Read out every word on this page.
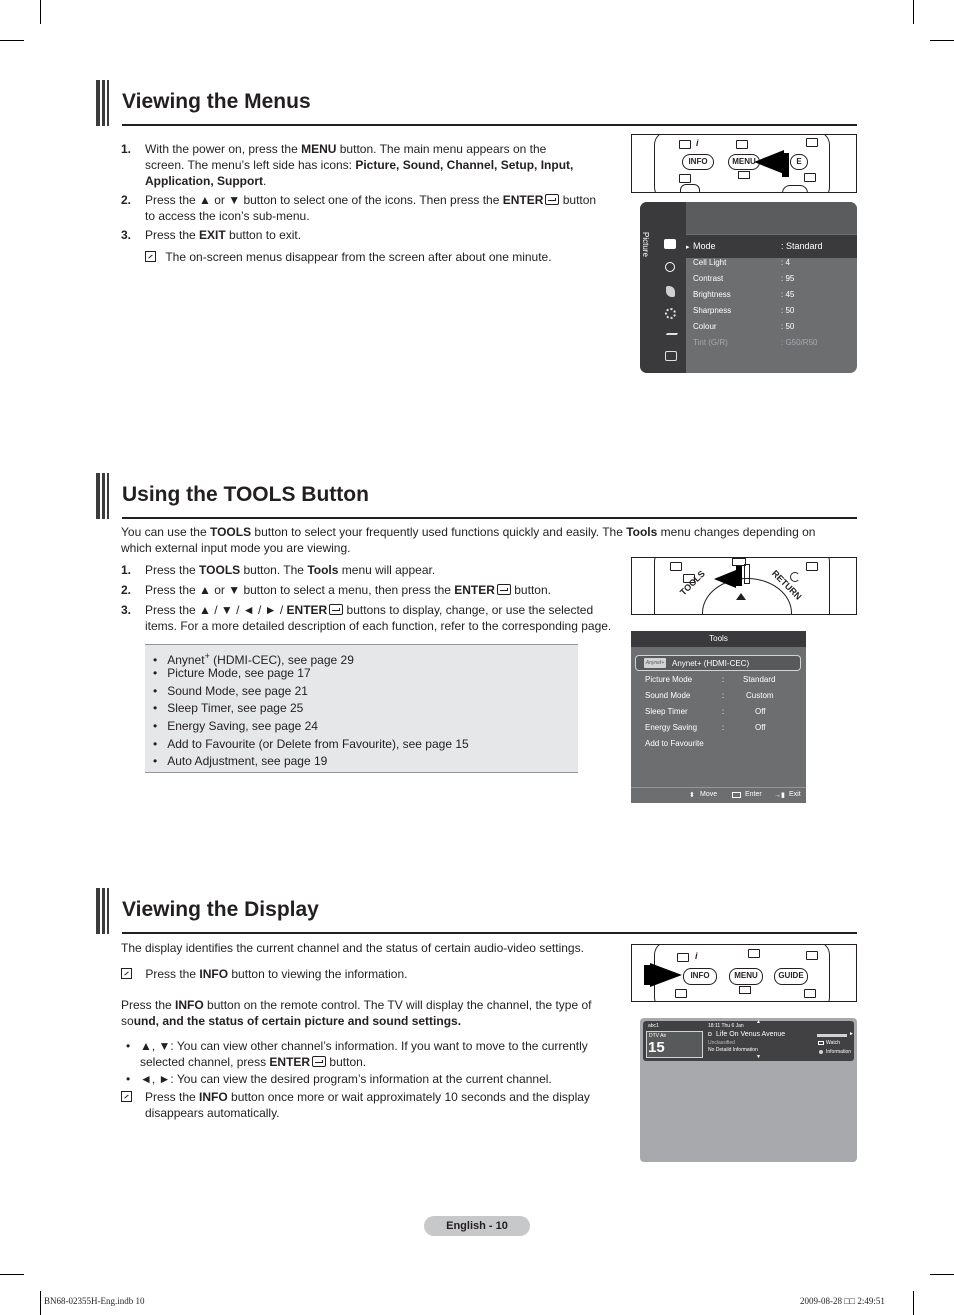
Viewing the Menus
1. With the power on, press the MENU button. The main menu appears on the
screen. The menu’s left side has icons: Picture, Sound, Channel, Setup, Input,
Application, Support.
2. Press the ▲ or ▼ button to select one of the icons. Then press the ENTER button
to access the icon’s sub-menu.
3. Press the EXIT button to exit.
The on-screen menus disappear from the screen after about one minute.
i
INFO	MENU	E
Picture	▸ Mode	: Standard
Cell Light	: 4
Contrast	: 95
Brightness	: 45
Sharpness	: 50
Colour	: 50
Tint (G/R)	: G50/R50
Using the TOOLS Button
You can use the TOOLS button to select your frequently used functions quickly and easily. The Tools menu changes depending on
which external input mode you are viewing.
1. Press the TOOLS button. The Tools menu will appear.
2. Press the ▲ or ▼ button to select a menu, then press the ENTER button.
3. Press the ▲ / ▼ / ◄ / ► / ENTER buttons to display, change, or use the selected
items. For a more detailed description of each function, refer to the corresponding page.
•   Anynet+ (HDMI-CEC), see page 29
•   Picture Mode, see page 17
•   Sound Mode, see page 21
•   Sleep Timer, see page 25
•   Energy Saving, see page 24
•   Add to Favourite (or Delete from Favourite), see page 15
•   Auto Adjustment, see page 19
TOOLS	RETURN
Tools
Anynet+ Anynet+ (HDMI-CEC)
Picture Mode	: Standard
Sound Mode	:	Custom
Sleep Timer	:	Off
Energy Saving	:	Off
Add to Favourite
⬍ Move	Enter →▮ Exit
Viewing the Display
The display identifies the current channel and the status of certain audio-video settings.
Press the INFO button to viewing the information.
Press the INFO button on the remote control. The TV will display the channel, the type of
sound, and the status of certain picture and sound settings.
• ▲, ▼: You can view other channel’s information. If you want to move to the currently
selected channel, press ENTER button.
• ◄, ►: You can view the desired program’s information at the current channel.
Press the INFO button once more or wait approximately 10 seconds and the display
disappears automatically.
i
INFO	MENU	GUIDE
abc1
DTV Air
15
18:11 Thu 6 Jan
▲
ɒ Life On Venus Avenue
Unclassified
No Detaild Information
▼
►
Watch
Information
English - 10
BN68-02355H-Eng.indb 10	2009-08-28 □□ 2:49:51
